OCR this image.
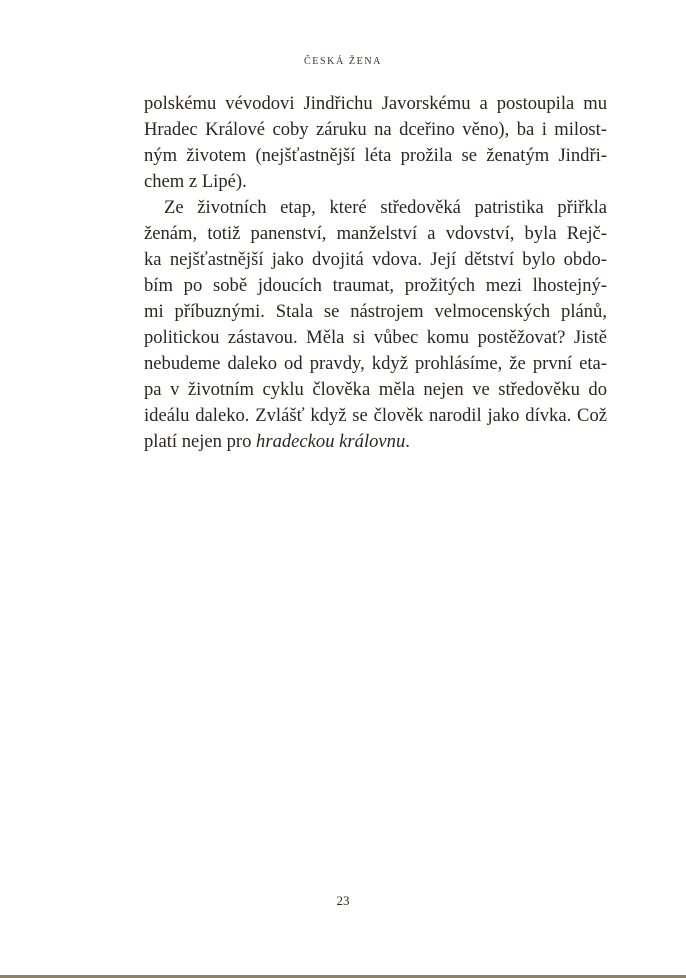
ČESKÁ ŽENA
polskému vévodovi Jindřichu Javorskému a postoupila mu
Hradec Králové coby záruku na dceřino věno), ba i milost-
ným životem (nejšťastnější léta prožila se ženatým Jindři-
chem z Lipé).
Ze životních etap, které středověká patristika přiřkla
ženám, totiž panenství, manželství a vdovství, byla Rejč-
ka nejšťastnější jako dvojitá vdova. Její dětství bylo obdo-
bím po sobě jdoucích traumat, prožitých mezi lhostejný-
mi příbuznými. Stala se nástrojem velmocenských plánů,
politickou zástavou. Měla si vůbec komu postěžovat? Jistě
nebudeme daleko od pravdy, když prohlásíme, že první eta-
pa v životním cyklu člověka měla nejen ve středověku do
ideálu daleko. Zvlášť když se člověk narodil jako dívka. Což
platí nejen pro hradeckou královnu.
23
